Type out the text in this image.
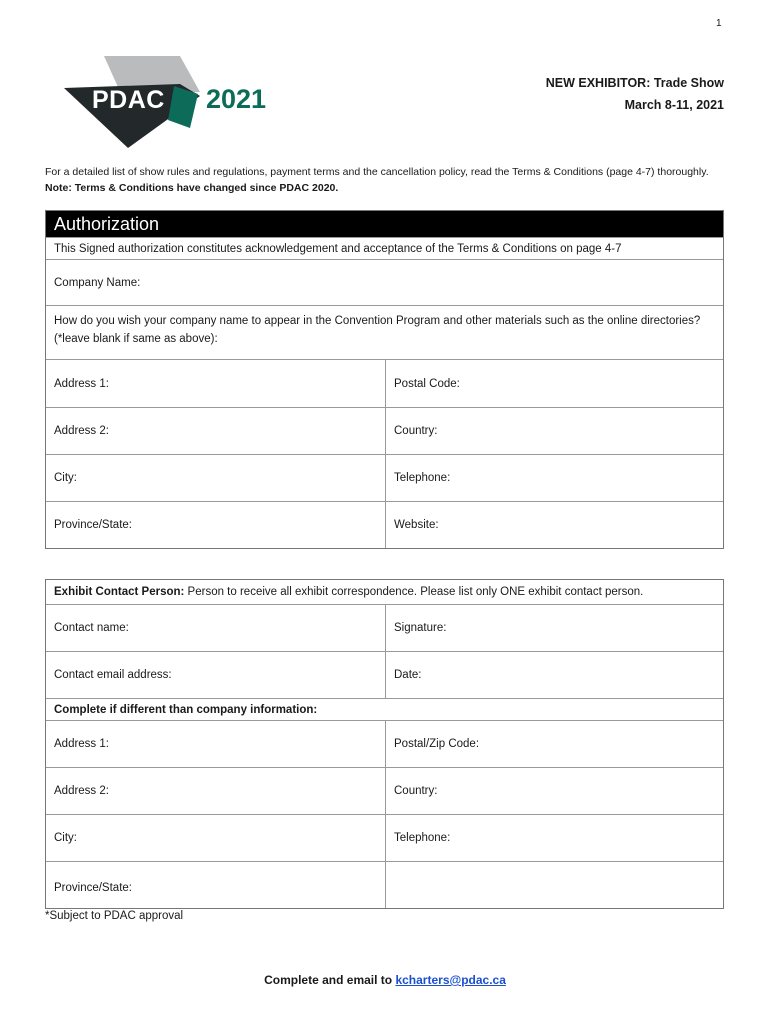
1
PDAC 2021
NEW EXHIBITOR: Trade Show
March 8-11, 2021
For a detailed list of show rules and regulations, payment terms and the cancellation policy, read the Terms & Conditions (page 4-7) thoroughly. Note: Terms & Conditions have changed since PDAC 2020.
Authorization
This Signed authorization constitutes acknowledgement and acceptance of the Terms & Conditions on page 4-7
Company Name:
How do you wish your company name to appear in the Convention Program and other materials such as the online directories? (*leave blank if same as above):
Address 1:	Postal Code:
Address 2:	Country:
City:	Telephone:
Province/State:	Website:
Exhibit Contact Person: Person to receive all exhibit correspondence. Please list only ONE exhibit contact person.
Contact name:	Signature:
Contact email address:	Date:
Complete if different than company information:
Address 1:	Postal/Zip Code:
Address 2:	Country:
City:	Telephone:
Province/State:
*Subject to PDAC approval
Complete and email to kcharters@pdac.ca
